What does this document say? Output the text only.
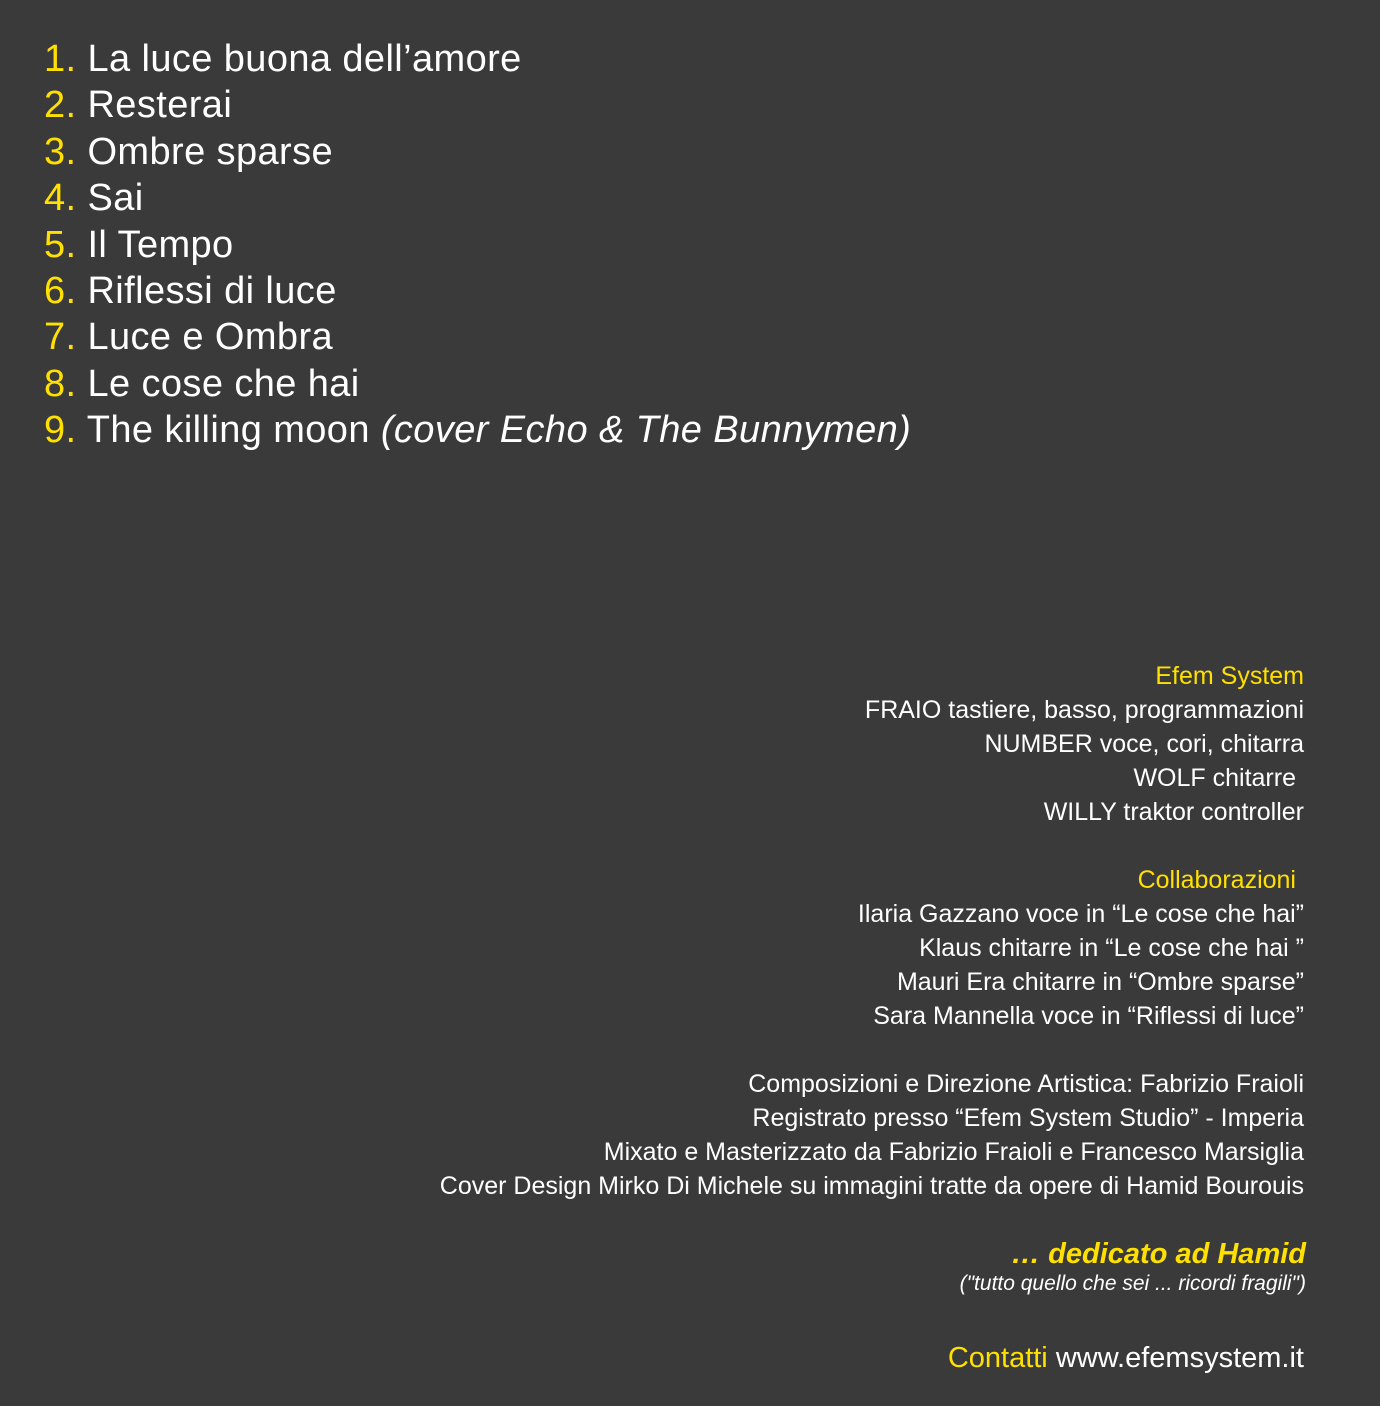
1. La luce buona dell’amore
2. Resterai
3. Ombre sparse
4. Sai
5. Il Tempo
6. Riflessi di luce
7. Luce e Ombra
8. Le cose che hai
9. The killing moon (cover Echo & The Bunnymen)
Efem System
FRAIO tastiere, basso, programmazioni
NUMBER voce, cori, chitarra
WOLF chitarre
WILLY traktor controller
Collaborazioni
Ilaria Gazzano voce in “Le cose che hai”
Klaus chitarre in “Le cose che hai ”
Mauri Era chitarre in “Ombre sparse”
Sara Mannella voce in “Riflessi di luce”
Composizioni e Direzione Artistica: Fabrizio Fraioli
Registrato presso “Efem System Studio” - Imperia
Mixato e Masterizzato da Fabrizio Fraioli e Francesco Marsiglia
Cover Design Mirko Di Michele su immagini tratte da opere di Hamid Bourouis
… dedicato ad Hamid
("tutto quello che sei ... ricordi fragili")
Contatti www.efemsystem.it
